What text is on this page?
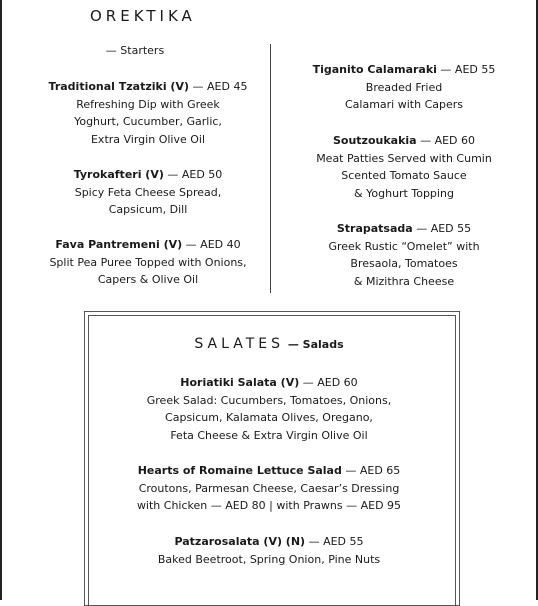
OREKTIKA
— Starters
Traditional Tzatziki (V) — AED 45
Refreshing Dip with Greek
Yoghurt, Cucumber, Garlic,
Extra Virgin Olive Oil
Tyrokafteri (V) — AED 50
Spicy Feta Cheese Spread,
Capsicum, Dill
Fava Pantremeni (V) — AED 40
Split Pea Puree Topped with Onions,
Capers & Olive Oil
Tiganito Calamaraki — AED 55
Breaded Fried
Calamari with Capers
Soutzoukakia — AED 60
Meat Patties Served with Cumin
Scented Tomato Sauce
& Yoghurt Topping
Strapatsada — AED 55
Greek Rustic “Omelet” with
Bresaola, Tomatoes
& Mizithra Cheese
SALATES — Salads
Horiatiki Salata (V) — AED 60
Greek Salad: Cucumbers, Tomatoes, Onions,
Capsicum, Kalamata Olives, Oregano,
Feta Cheese & Extra Virgin Olive Oil
Hearts of Romaine Lettuce Salad — AED 65
Croutons, Parmesan Cheese, Caesar’s Dressing
with Chicken — AED 80 | with Prawns — AED 95
Patzarosalata (V) (N) — AED 55
Baked Beetroot, Spring Onion, Pine Nuts
